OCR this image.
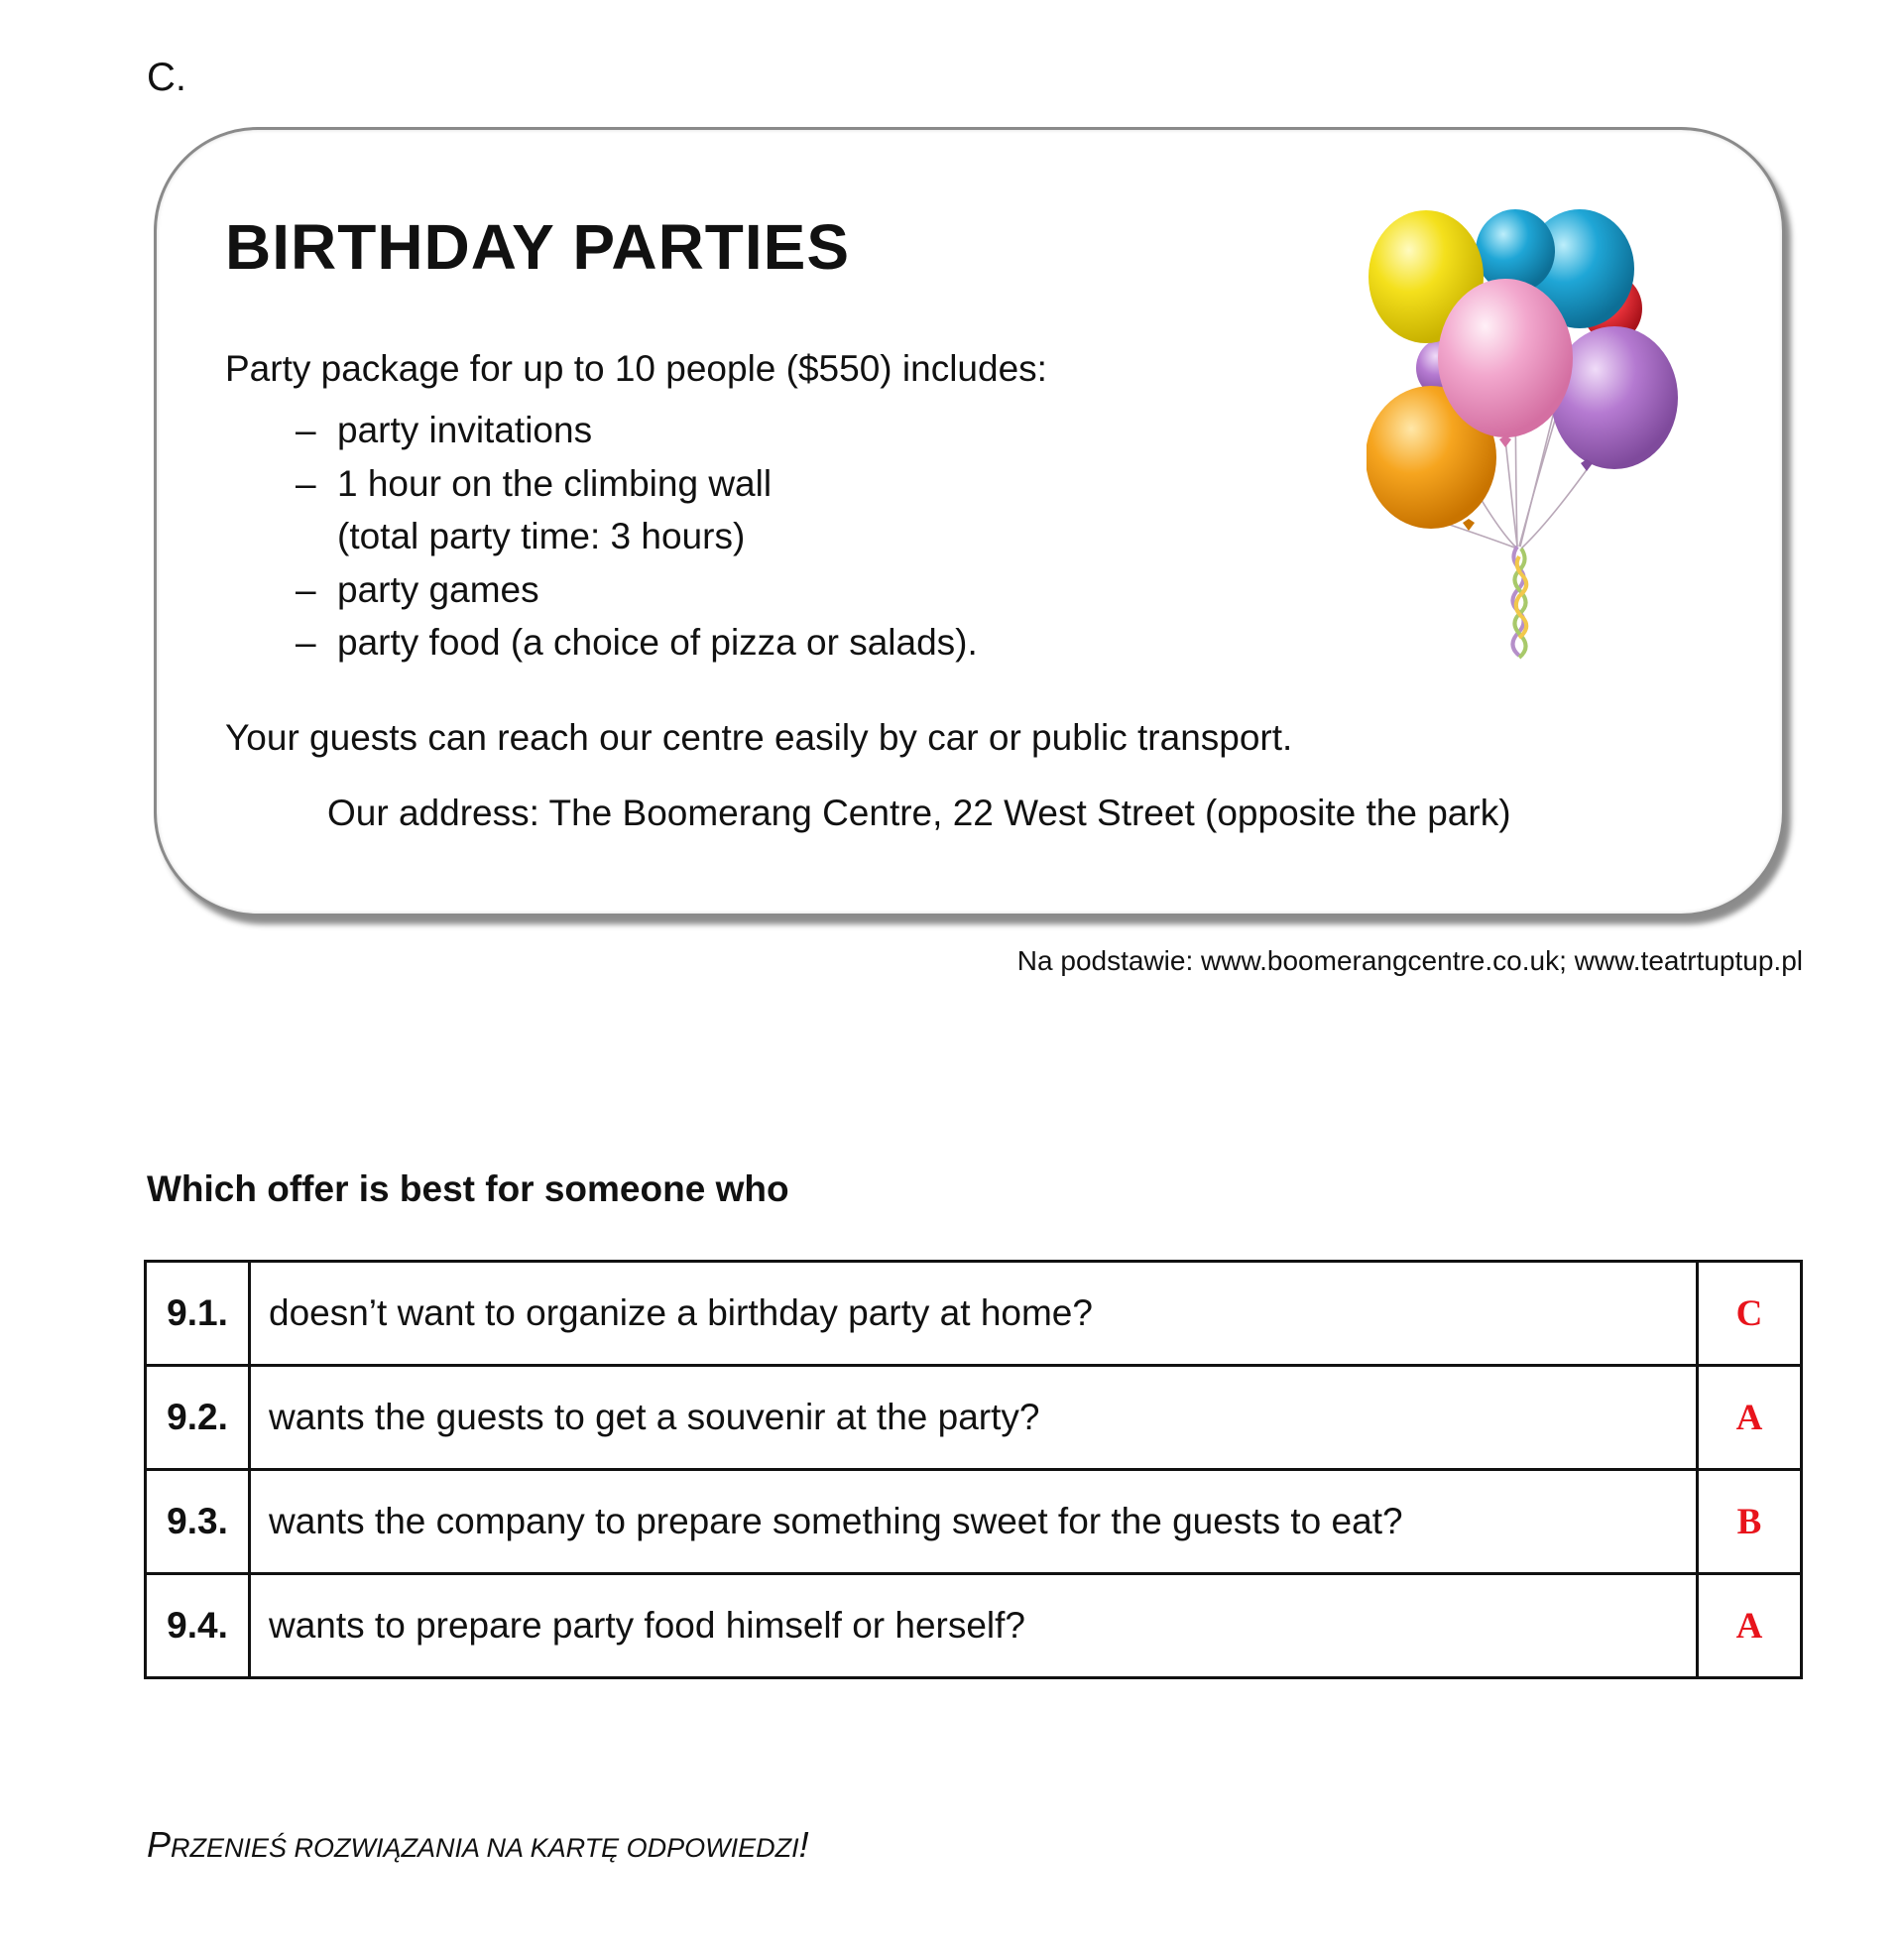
C.
BIRTHDAY PARTIES
Party package for up to 10 people ($550) includes:
– party invitations
– 1 hour on the climbing wall
(total party time: 3 hours)
– party games
– party food (a choice of pizza or salads).
Your guests can reach our centre easily by car or public transport.
Our address: The Boomerang Centre, 22 West Street (opposite the park)
Na podstawie: www.boomerangcentre.co.uk; www.teatrtuptup.pl
Which offer is best for someone who
9.1.	doesn’t want to organize a birthday party at home?	C
9.2.	wants the guests to get a souvenir at the party?	A
9.3.	wants the company to prepare something sweet for the guests to eat?	B
9.4.	wants to prepare party food himself or herself?	A
PRZENIEŚ ROZWIĄZANIA NA KARTĘ ODPOWIEDZI!
